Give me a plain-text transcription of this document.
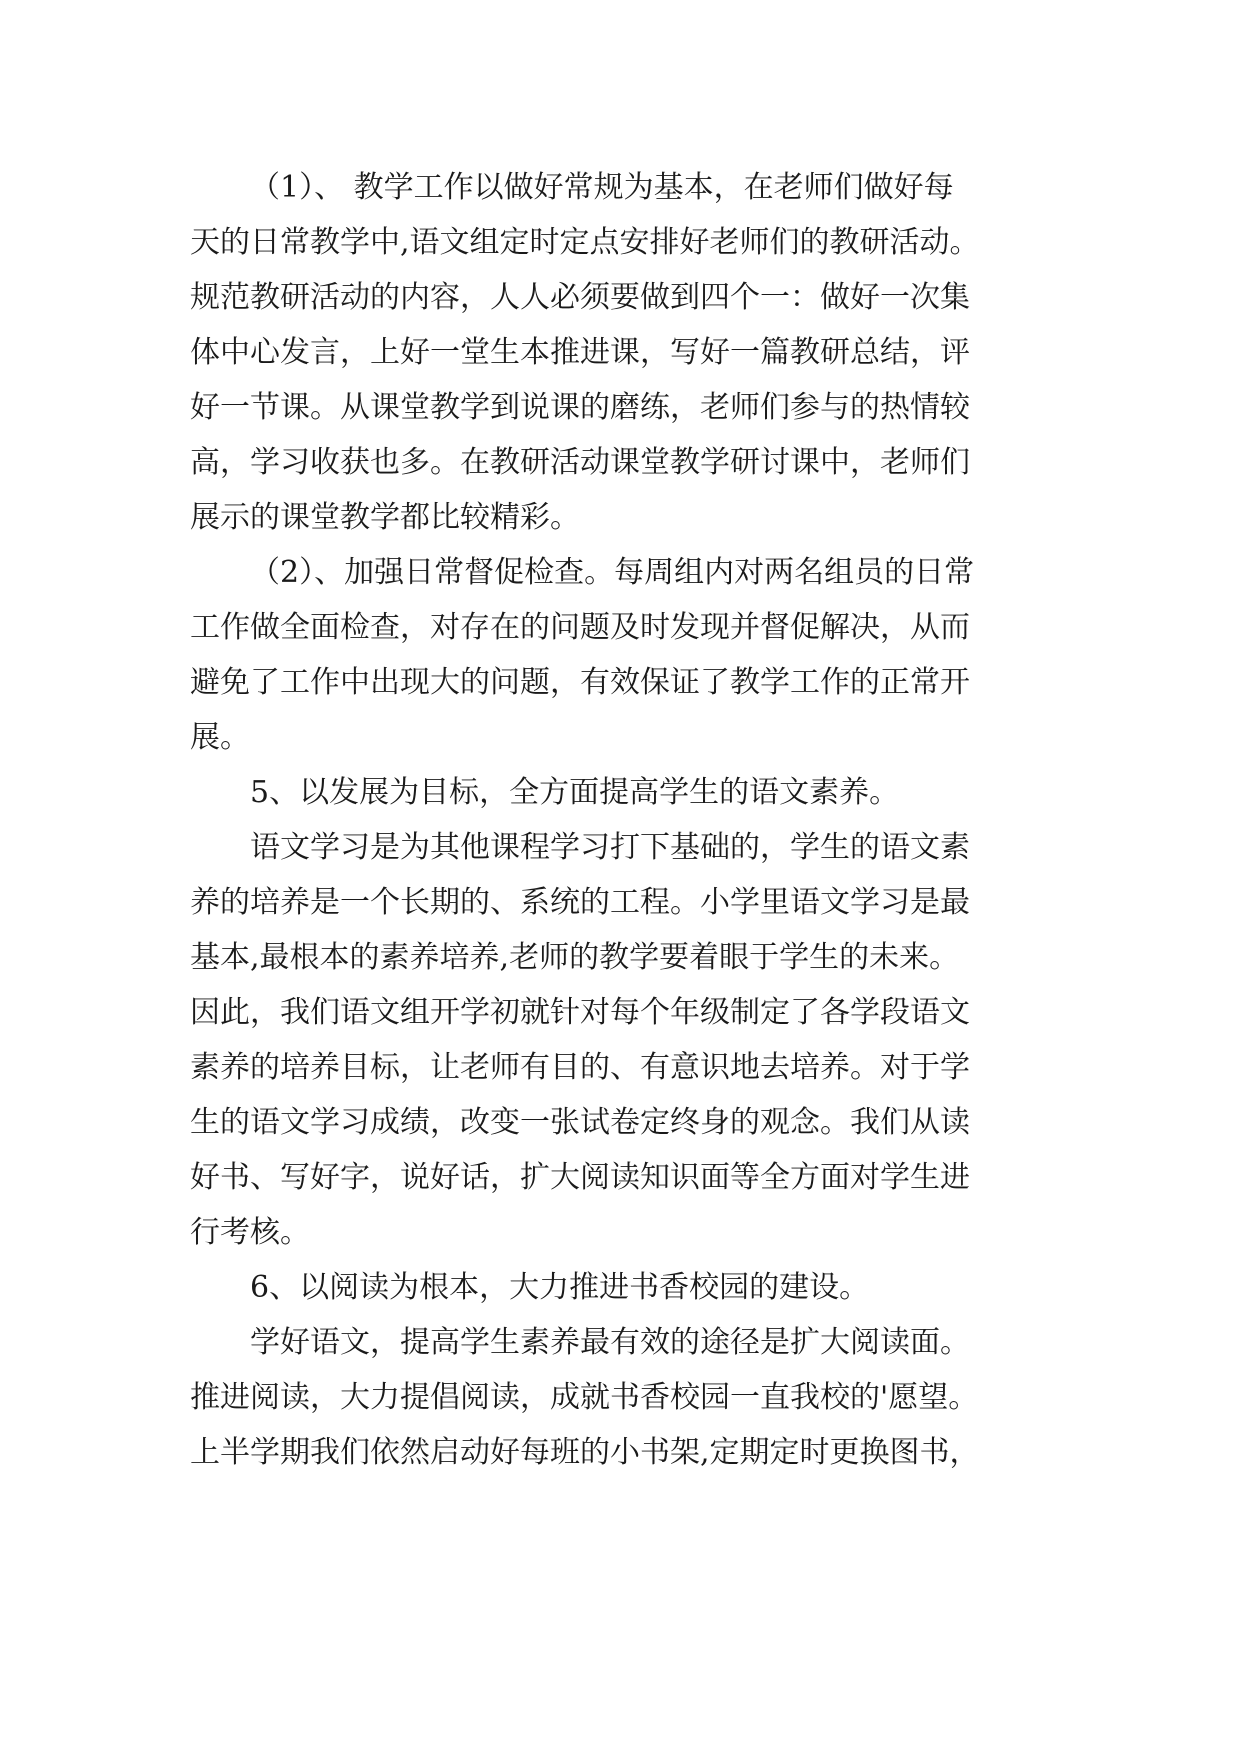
（1）、 教学工作以做好常规为基本，在老师们做好每
天的日常教学中,语文组定时定点安排好老师们的教研活动。
规范教研活动的内容，人人必须要做到四个一：做好一次集
体中心发言，上好一堂生本推进课，写好一篇教研总结，评
好一节课。从课堂教学到说课的磨练，老师们参与的热情较
高，学习收获也多。在教研活动课堂教学研讨课中，老师们
展示的课堂教学都比较精彩。
（2）、加强日常督促检查。每周组内对两名组员的日常
工作做全面检查，对存在的问题及时发现并督促解决，从而
避免了工作中出现大的问题，有效保证了教学工作的正常开
展。
5、以发展为目标，全方面提高学生的语文素养。
语文学习是为其他课程学习打下基础的，学生的语文素
养的培养是一个长期的、系统的工程。小学里语文学习是最
基本,最根本的素养培养,老师的教学要着眼于学生的未来。
因此，我们语文组开学初就针对每个年级制定了各学段语文
素养的培养目标，让老师有目的、有意识地去培养。对于学
生的语文学习成绩，改变一张试卷定终身的观念。我们从读
好书、写好字，说好话，扩大阅读知识面等全方面对学生进
行考核。
6、以阅读为根本，大力推进书香校园的建设。
学好语文，提高学生素养最有效的途径是扩大阅读面。
推进阅读，大力提倡阅读，成就书香校园一直我校的'愿望。
上半学期我们依然启动好每班的小书架,定期定时更换图书，
